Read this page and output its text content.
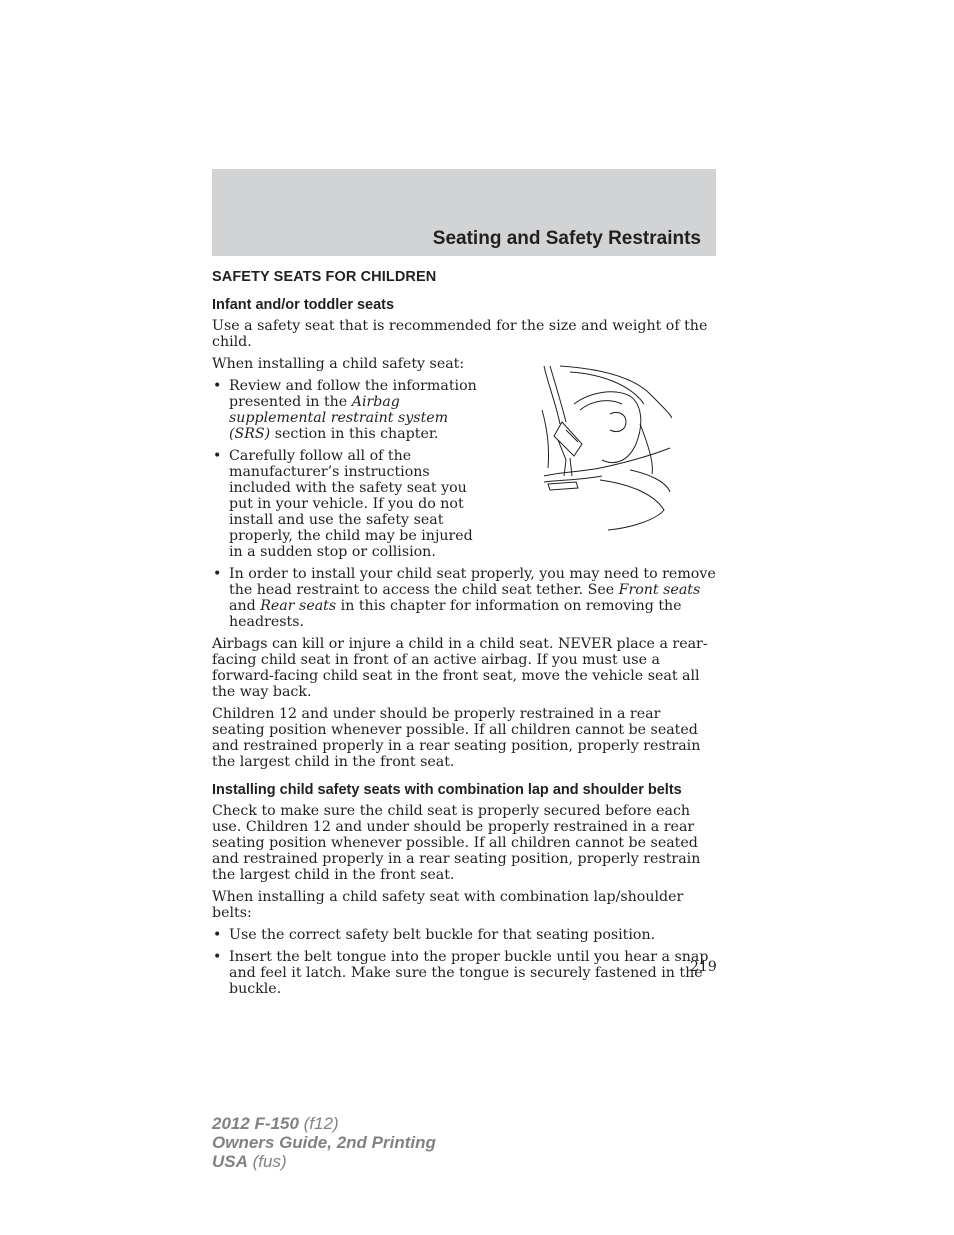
Seating and Safety Restraints
SAFETY SEATS FOR CHILDREN
Infant and/or toddler seats

Use a safety seat that is recommended for the size and weight of the child.

When installing a child safety seat:

• Review and follow the information presented in the Airbag supplemental restraint system (SRS) section in this chapter.
• Carefully follow all of the manufacturer’s instructions included with the safety seat you put in your vehicle. If you do not install and use the safety seat properly, the child may be injured in a sudden stop or collision.
• In order to install your child seat properly, you may need to remove the head restraint to access the child seat tether. See Front seats and Rear seats in this chapter for information on removing the headrests.

Airbags can kill or injure a child in a child seat. NEVER place a rear-facing child seat in front of an active airbag. If you must use a forward-facing child seat in the front seat, move the vehicle seat all the way back.

Children 12 and under should be properly restrained in a rear seating position whenever possible. If all children cannot be seated and restrained properly in a rear seating position, properly restrain the largest child in the front seat.

Installing child safety seats with combination lap and shoulder belts

Check to make sure the child seat is properly secured before each use. Children 12 and under should be properly restrained in a rear seating position whenever possible. If all children cannot be seated and restrained properly in a rear seating position, properly restrain the largest child in the front seat.

When installing a child safety seat with combination lap/shoulder belts:

• Use the correct safety belt buckle for that seating position.
• Insert the belt tongue into the proper buckle until you hear a snap and feel it latch. Make sure the tongue is securely fastened in the buckle.
219
2012 F-150 (f12)
Owners Guide, 2nd Printing
USA (fus)
